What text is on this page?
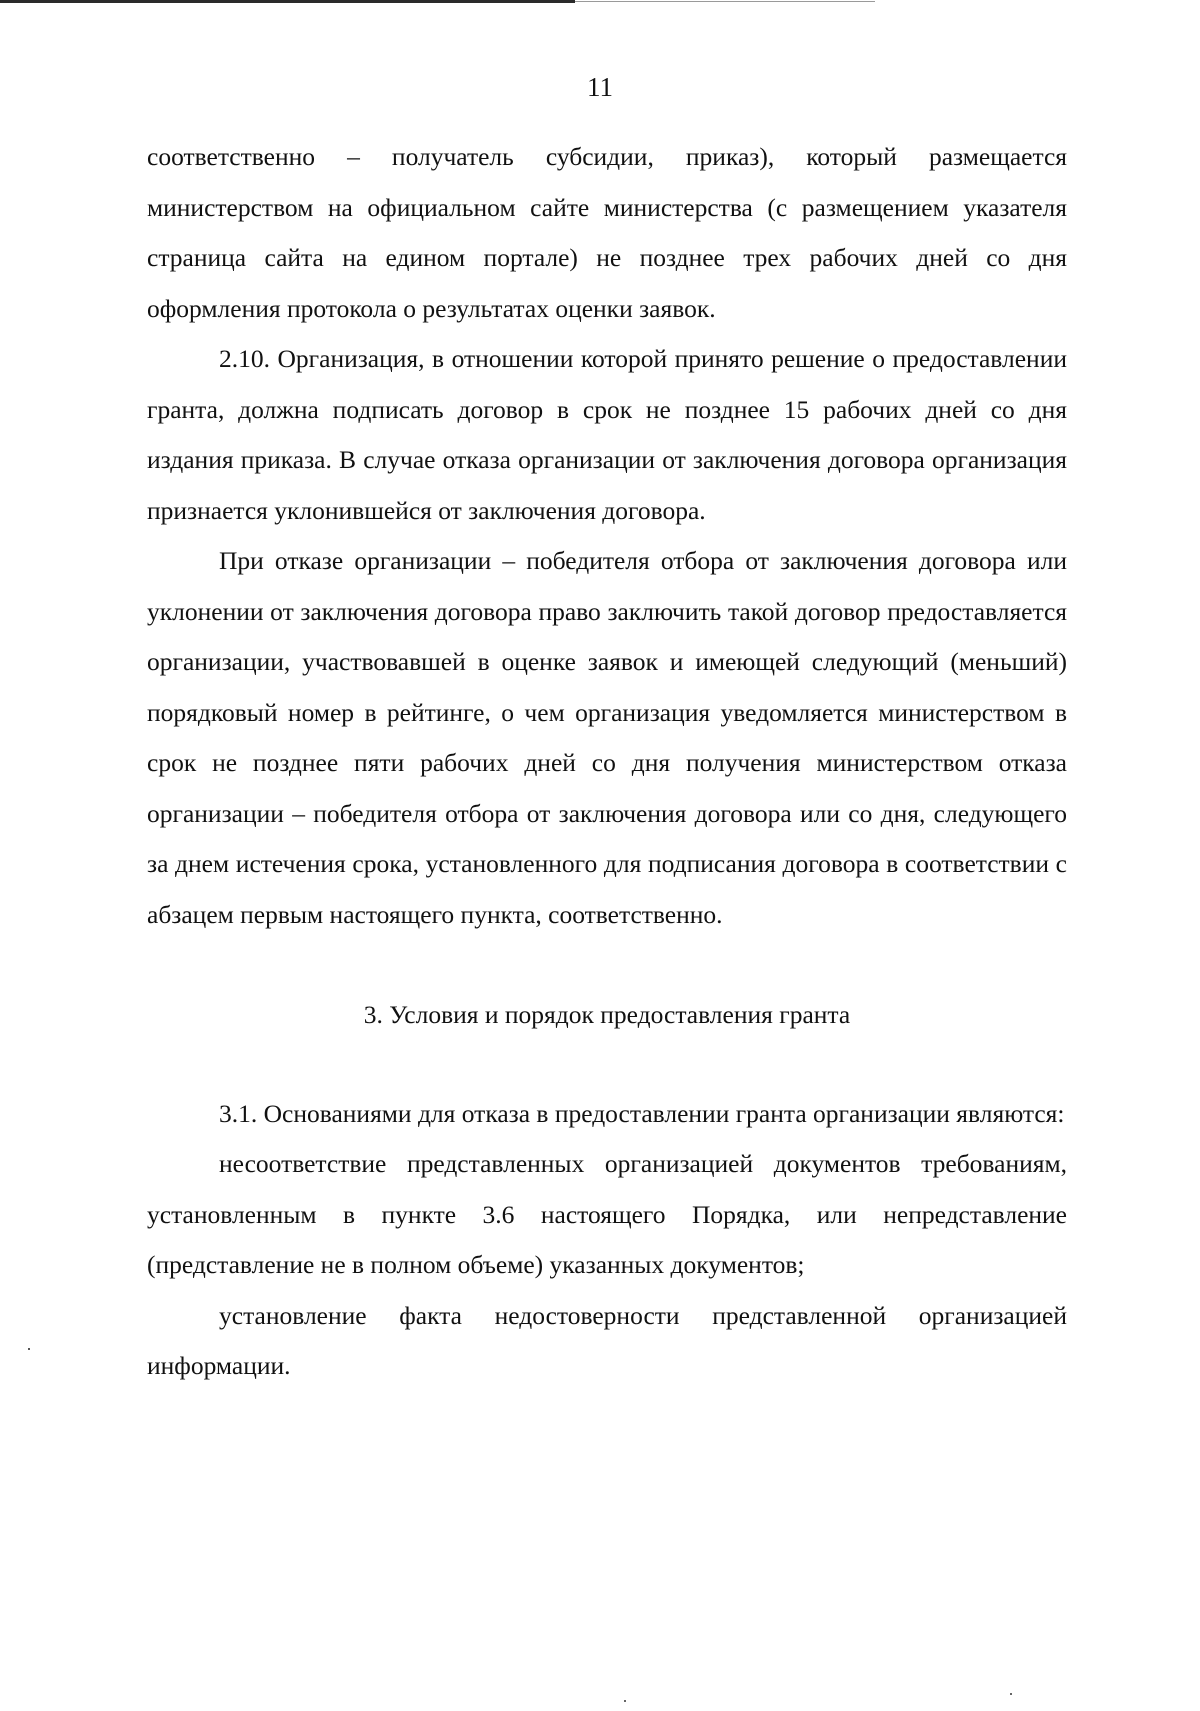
11

соответственно – получатель субсидии, приказ), который размещается министерством на официальном сайте министерства (с размещением указателя страница сайта на едином портале) не позднее трех рабочих дней со дня оформления протокола о результатах оценки заявок.

2.10. Организация, в отношении которой принято решение о предоставлении гранта, должна подписать договор в срок не позднее 15 рабочих дней со дня издания приказа. В случае отказа организации от заключения договора организация признается уклонившейся от заключения договора.

При отказе организации – победителя отбора от заключения договора или уклонении от заключения договора право заключить такой договор предоставляется организации, участвовавшей в оценке заявок и имеющей следующий (меньший) порядковый номер в рейтинге, о чем организация уведомляется министерством в срок не позднее пяти рабочих дней со дня получения министерством отказа организации – победителя отбора от заключения договора или со дня, следующего за днем истечения срока, установленного для подписания договора в соответствии с абзацем первым настоящего пункта, соответственно.

3. Условия и порядок предоставления гранта

3.1. Основаниями для отказа в предоставлении гранта организации являются:

несоответствие представленных организацией документов требованиям, установленным в пункте 3.6 настоящего Порядка, или непредставление (представление не в полном объеме) указанных документов;

установление факта недостоверности представленной организацией информации.
